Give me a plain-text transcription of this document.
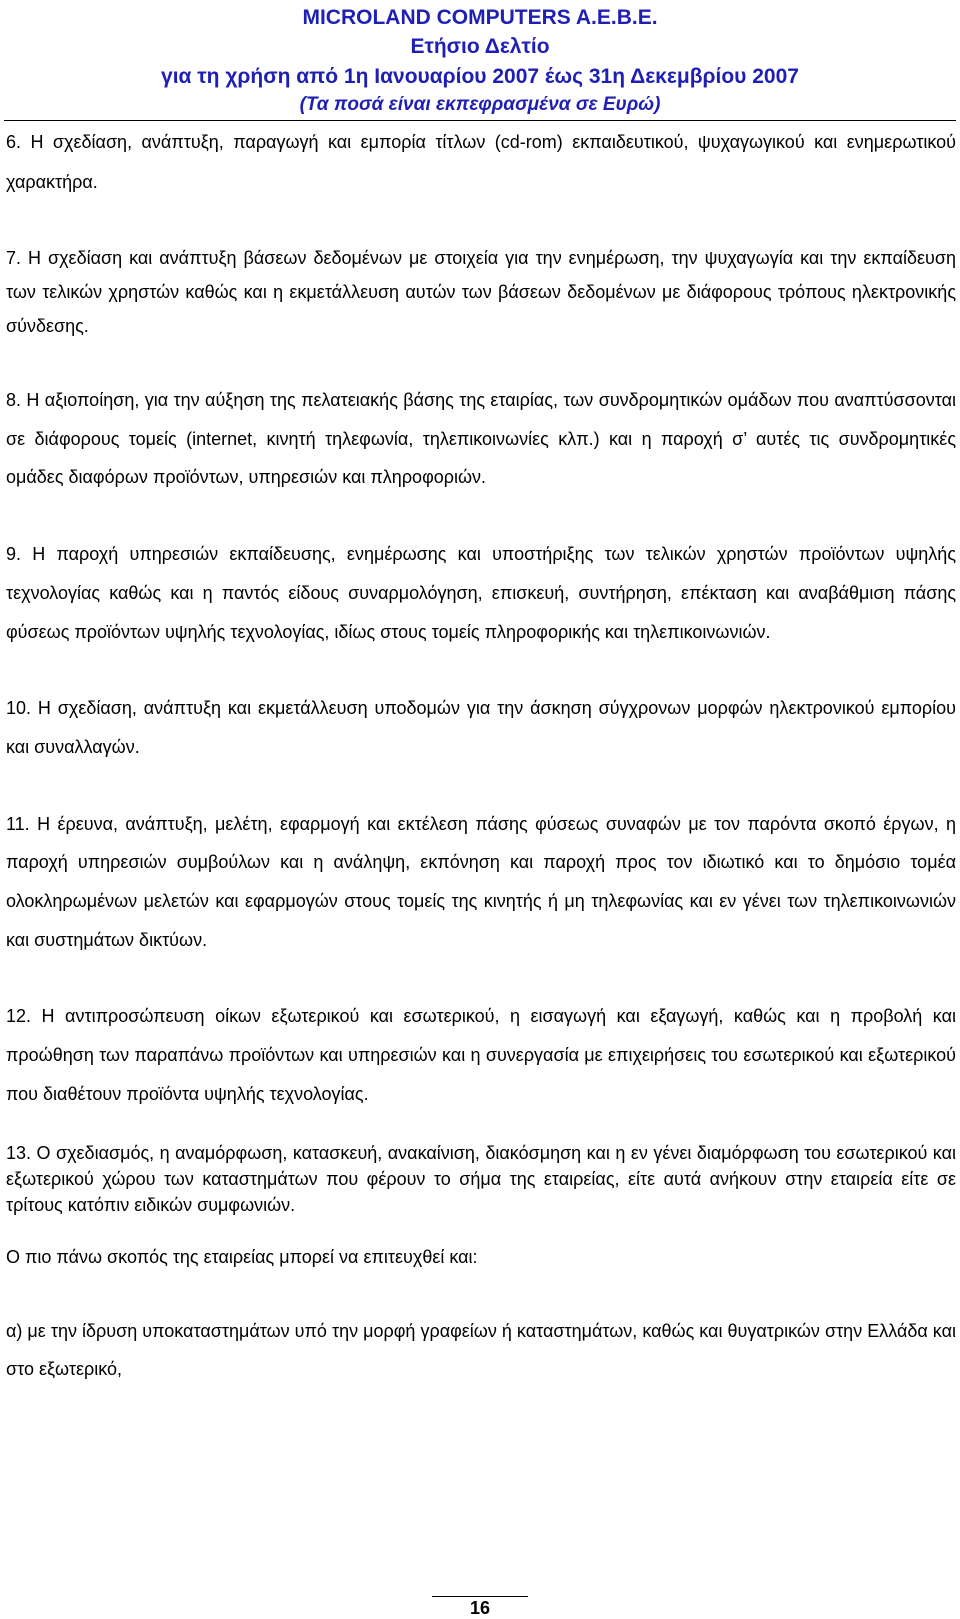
MICROLAND COMPUTERS A.E.B.E.
Ετήσιο Δελτίο
για τη χρήση από 1η Ιανουαρίου 2007 έως 31η Δεκεμβρίου 2007
(Τα ποσά είναι εκπεφρασμένα σε Ευρώ)

6. Η σχεδίαση, ανάπτυξη, παραγωγή και εμπορία τίτλων (cd-rom) εκπαιδευτικού, ψυχαγωγικού και ενημερωτικού χαρακτήρα.

7. Η σχεδίαση και ανάπτυξη βάσεων δεδομένων με στοιχεία για την ενημέρωση, την ψυχαγωγία και την εκπαίδευση των τελικών χρηστών καθώς και η εκμετάλλευση αυτών των βάσεων δεδομένων με διάφορους τρόπους ηλεκτρονικής σύνδεσης.

8. Η αξιοποίηση, για την αύξηση της πελατειακής βάσης της εταιρίας, των συνδρομητικών ομάδων που αναπτύσσονται σε διάφορους τομείς (internet, κινητή τηλεφωνία, τηλεπικοινωνίες κλπ.) και η παροχή σ’ αυτές τις συνδρομητικές ομάδες διαφόρων προϊόντων, υπηρεσιών και πληροφοριών.

9. Η παροχή υπηρεσιών εκπαίδευσης, ενημέρωσης και υποστήριξης των τελικών χρηστών προϊόντων υψηλής τεχνολογίας καθώς και η παντός είδους συναρμολόγηση, επισκευή, συντήρηση, επέκταση και αναβάθμιση πάσης φύσεως προϊόντων υψηλής τεχνολογίας, ιδίως στους τομείς πληροφορικής και τηλεπικοινωνιών.

10. Η σχεδίαση, ανάπτυξη και εκμετάλλευση υποδομών για την άσκηση σύγχρονων μορφών ηλεκτρονικού εμπορίου και συναλλαγών.

11. Η έρευνα, ανάπτυξη, μελέτη, εφαρμογή και εκτέλεση πάσης φύσεως συναφών με τον παρόντα σκοπό έργων, η παροχή υπηρεσιών συμβούλων και η ανάληψη, εκπόνηση και παροχή προς τον ιδιωτικό και το δημόσιο τομέα ολοκληρωμένων μελετών και εφαρμογών στους τομείς της κινητής ή μη τηλεφωνίας και εν γένει των τηλεπικοινωνιών και συστημάτων δικτύων.

12. Η αντιπροσώπευση οίκων εξωτερικού και εσωτερικού, η εισαγωγή και εξαγωγή, καθώς και η προβολή και προώθηση των παραπάνω προϊόντων και υπηρεσιών και η συνεργασία με επιχειρήσεις του εσωτερικού και εξωτερικού που διαθέτουν προϊόντα υψηλής τεχνολογίας.

13. Ο σχεδιασμός, η αναμόρφωση, κατασκευή, ανακαίνιση, διακόσμηση και η εν γένει διαμόρφωση του εσωτερικού και εξωτερικού χώρου των καταστημάτων που φέρουν το σήμα της εταιρείας, είτε αυτά ανήκουν στην εταιρεία είτε σε τρίτους κατόπιν ειδικών συμφωνιών.

Ο πιο πάνω σκοπός της εταιρείας μπορεί να επιτευχθεί και:

α) με την ίδρυση υποκαταστημάτων υπό την μορφή γραφείων ή καταστημάτων, καθώς και θυγατρικών στην Ελλάδα και στο εξωτερικό,

16
